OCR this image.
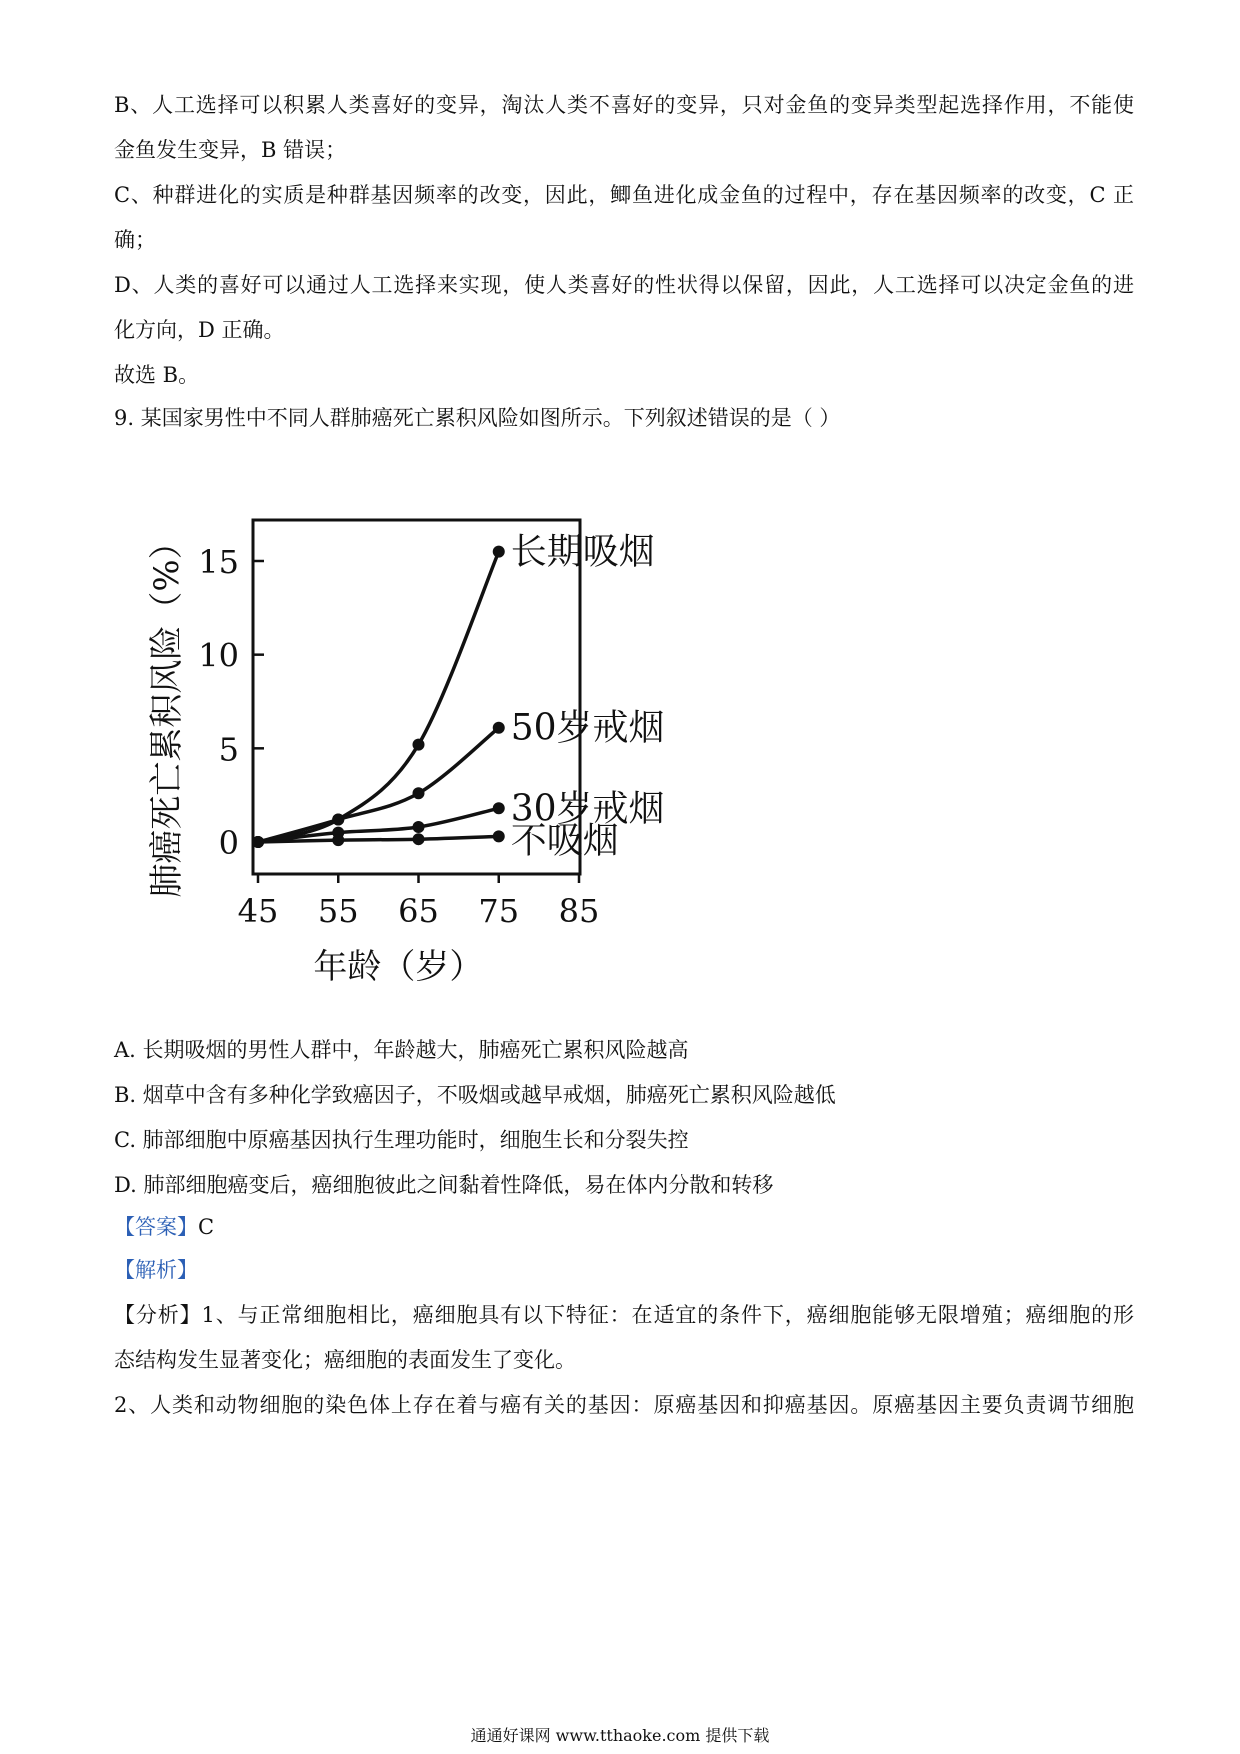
B、人工选择可以积累人类喜好的变异，淘汰人类不喜好的变异，只对金鱼的变异类型起选择作用，不能使
金鱼发生变异，B 错误；
C、种群进化的实质是种群基因频率的改变，因此，鲫鱼进化成金鱼的过程中，存在基因频率的改变，C 正
确；
D、人类的喜好可以通过人工选择来实现，使人类喜好的性状得以保留，因此，人工选择可以决定金鱼的进
化方向，D 正确。
故选 B。
9. 某国家男性中不同人群肺癌死亡累积风险如图所示。下列叙述错误的是（ ）
0
5
10
15
45 55 65 75 85
长期吸烟
50岁戒烟
30岁戒烟
不吸烟
肺癌死亡累积风险（%）
年龄（岁）
A. 长期吸烟的男性人群中，年龄越大，肺癌死亡累积风险越高
B. 烟草中含有多种化学致癌因子，不吸烟或越早戒烟，肺癌死亡累积风险越低
C. 肺部细胞中原癌基因执行生理功能时，细胞生长和分裂失控
D. 肺部细胞癌变后，癌细胞彼此之间黏着性降低，易在体内分散和转移
【答案】C
【解析】
【分析】1、与正常细胞相比，癌细胞具有以下特征：在适宜的条件下，癌细胞能够无限增殖；癌细胞的形
态结构发生显著变化；癌细胞的表面发生了变化。
2、人类和动物细胞的染色体上存在着与癌有关的基因：原癌基因和抑癌基因。原癌基因主要负责调节细胞
通通好课网 www.tthaoke.com 提供下载
